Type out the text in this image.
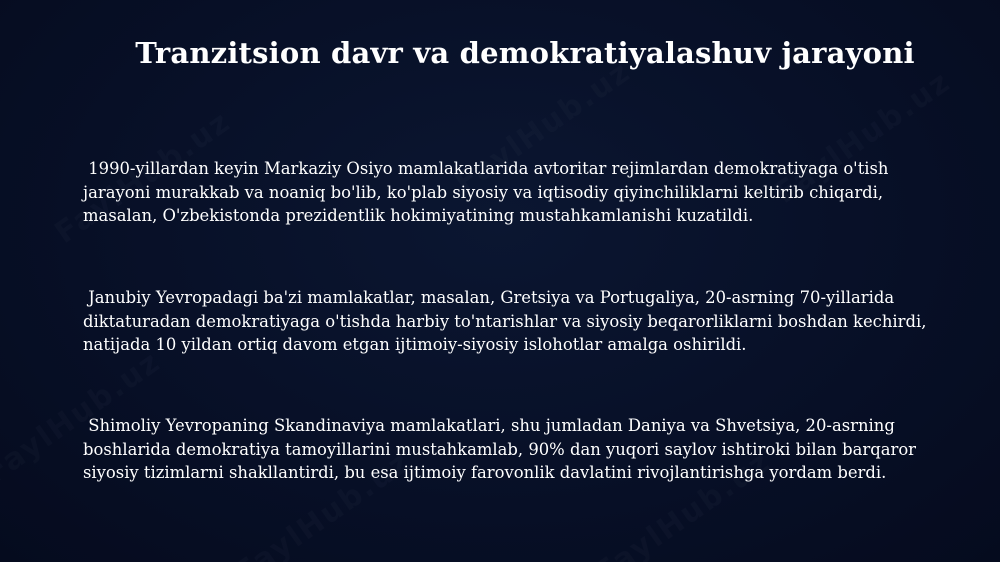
Tranzitsion davr va demokratiyalashuv jarayoni
1990-yillardan keyin Markaziy Osiyo mamlakatlarida avtoritar rejimlardan demokratiyaga o'tish jarayoni murakkab va noaniq bo'lib, ko'plab siyosiy va iqtisodiy qiyinchiliklarni keltirib chiqardi, masalan, O'zbekistonda prezidentlik hokimiyatining mustahkamlanishi kuzatildi.
Janubiy Yevropadagi ba'zi mamlakatlar, masalan, Gretsiya va Portugaliya, 20-asrning 70-yillarida diktaturadan demokratiyaga o'tishda harbiy to'ntarishlar va siyosiy beqarorliklarni boshdan kechirdi, natijada 10 yildan ortiq davom etgan ijtimoiy-siyosiy islohotlar amalga oshirildi.
Shimoliy Yevropaning Skandinaviya mamlakatlari, shu jumladan Daniya va Shvetsiya, 20-asrning boshlarida demokratiya tamoyillarini mustahkamlab, 90% dan yuqori saylov ishtiroki bilan barqaror siyosiy tizimlarni shakllantirdi, bu esa ijtimoiy farovonlik davlatini rivojlantirishga yordam berdi.
